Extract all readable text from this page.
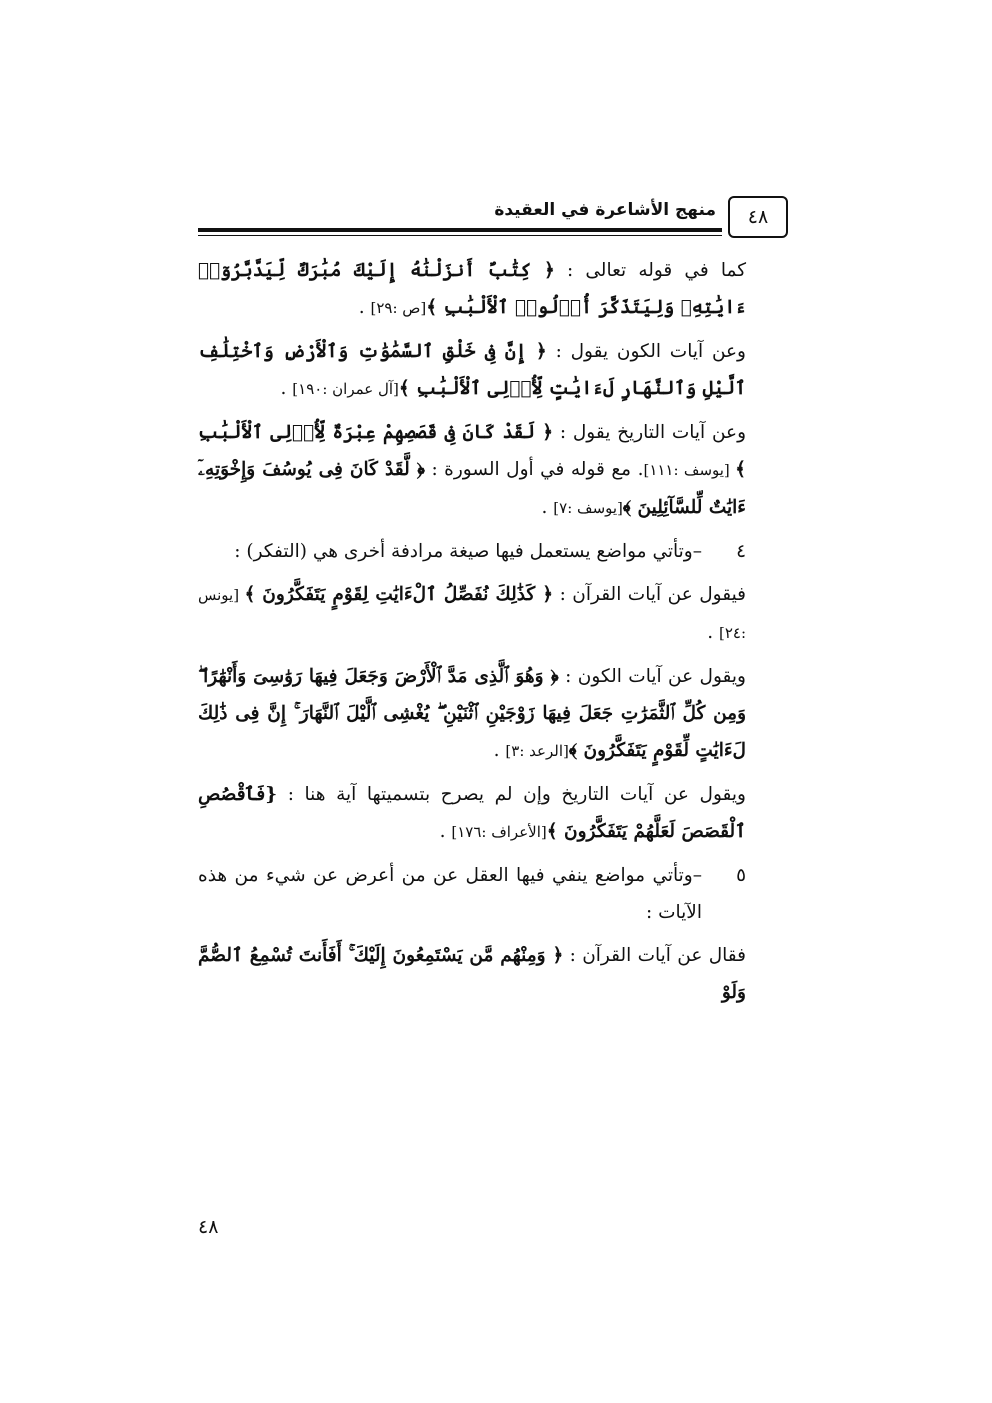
منهج الأشاعرة في العقيدة	٤٨

كما في قوله تعالى : ﴿ كِتَٰبٌ أَنزَلْنَٰهُ إِلَيْكَ مُبَٰرَكٌ لِّيَدَّبَّرُوٓا۟ ءَايَٰتِهِۦ وَلِيَتَذَكَّرَ أُو۟لُوا۟ ٱلْأَلْبَٰبِ ﴾[ص :٢٩] .

وعن آيات الكون يقول : ﴿ إِنَّ فِى خَلْقِ ٱلسَّمَٰوَٰتِ وَٱلْأَرْضِ وَٱخْتِلَٰفِ ٱلَّيْلِ وَٱلنَّهَارِ لَءَايَٰتٍ لِّأُو۟لِى ٱلْأَلْبَٰبِ ﴾[آل عمران :١٩٠] .

وعن آيات التاريخ يقول : ﴿ لَقَدْ كَانَ فِى قَصَصِهِمْ عِبْرَةٌ لِّأُو۟لِى ٱلْأَلْبَٰبِ ﴾ [يوسف :١١١]. مع قوله في أول السورة : ﴿ لَّقَدْ كَانَ فِى يُوسُفَ وَإِخْوَتِهِۦٓ ءَايَٰتٌ لِّلسَّآئِلِينَ ﴾[يوسف :٧] .

٤
–وتأتي مواضع يستعمل فيها صيغة مرادفة أخرى هي (التفكر) :

فيقول عن آيات القرآن : ﴿ كَذَٰلِكَ نُفَصِّلُ ٱلْءَايَٰتِ لِقَوْمٍ يَتَفَكَّرُونَ ﴾ [يونس :٢٤] .

ويقول عن آيات الكون : ﴿ وَهُوَ ٱلَّذِى مَدَّ ٱلْأَرْضَ وَجَعَلَ فِيهَا رَوَٰسِىَ وَأَنْهَٰرًا ۖ وَمِن كُلِّ ٱلثَّمَرَٰتِ جَعَلَ فِيهَا زَوْجَيْنِ ٱثْنَيْنِ ۖ يُغْشِى ٱلَّيْلَ ٱلنَّهَارَ ۚ إِنَّ فِى ذَٰلِكَ لَءَايَٰتٍ لِّقَوْمٍ يَتَفَكَّرُونَ ﴾[الرعد :٣] .

ويقول عن آيات التاريخ وإن لم يصرح بتسميتها آية هنا : {فَٱقْصُصِ ٱلْقَصَصَ لَعَلَّهُمْ يَتَفَكَّرُونَ ﴾[الأعراف :١٧٦] .

٥
–وتأتي مواضع ينفي فيها العقل عن من أعرض عن شيء من هذه الآيات :

فقال عن آيات القرآن : ﴿ وَمِنْهُم مَّن يَسْتَمِعُونَ إِلَيْكَ ۚ أَفَأَنتَ تُسْمِعُ ٱلصُّمَّ وَلَوْ

٤٨
